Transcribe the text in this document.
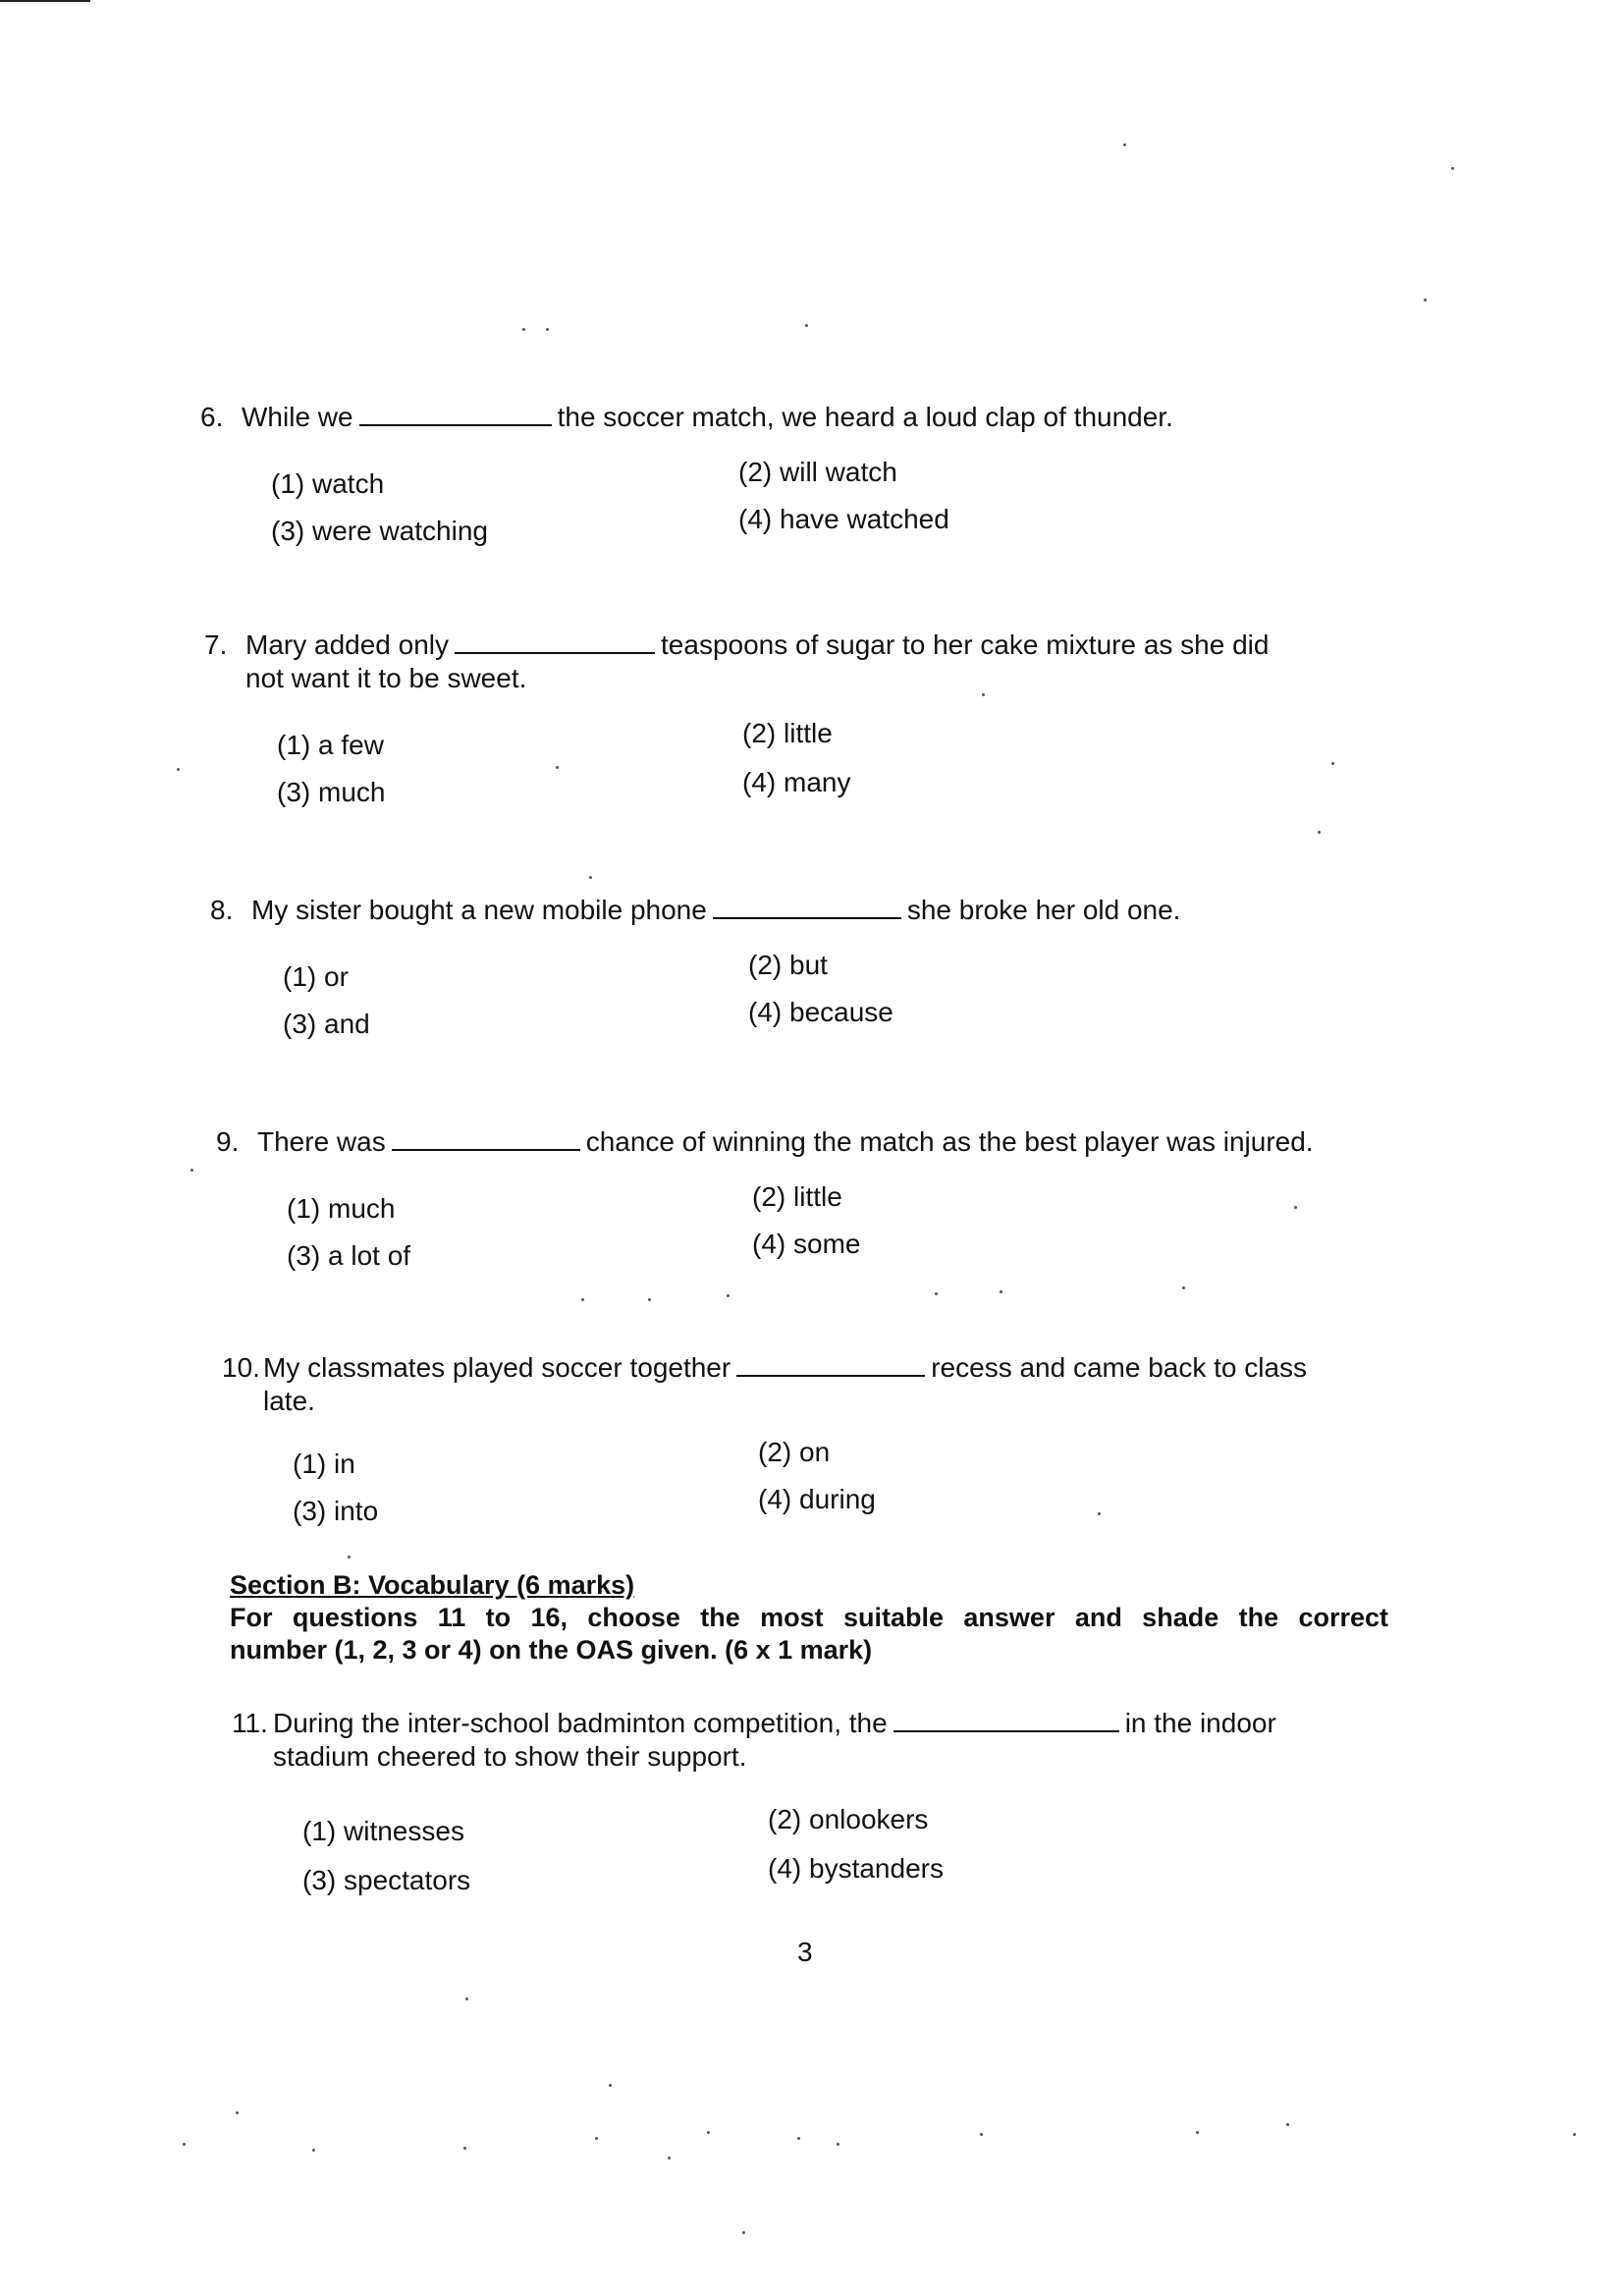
6. While we	the soccer match, we heard a loud clap of thunder.
(1) watch	(2) will watch
(3) were watching	(4) have watched
7. Mary added only	teaspoons of sugar to her cake mixture as she did
not want it to be sweet.
(1) a few	(2) little
(3) much	(4) many
8. My sister bought a new mobile phone	she broke her old one.
(1) or	(2) but
(3) and	(4) because
9. There was	chance of winning the match as the best player was injured.
(1) much	(2) little
(3) a lot of	(4) some
10. My classmates played soccer together	recess and came back to class
late.
(1) in	(2) on
(3) into	(4) during
Section B: Vocabulary (6 marks)
For questions 11 to 16, choose the most suitable answer and shade the correct
number (1, 2, 3 or 4) on the OAS given. (6 x 1 mark)
11. During the inter-school badminton competition, the	in the indoor
stadium cheered to show their support.
(1) witnesses	(2) onlookers
(3) spectators	(4) bystanders
3
